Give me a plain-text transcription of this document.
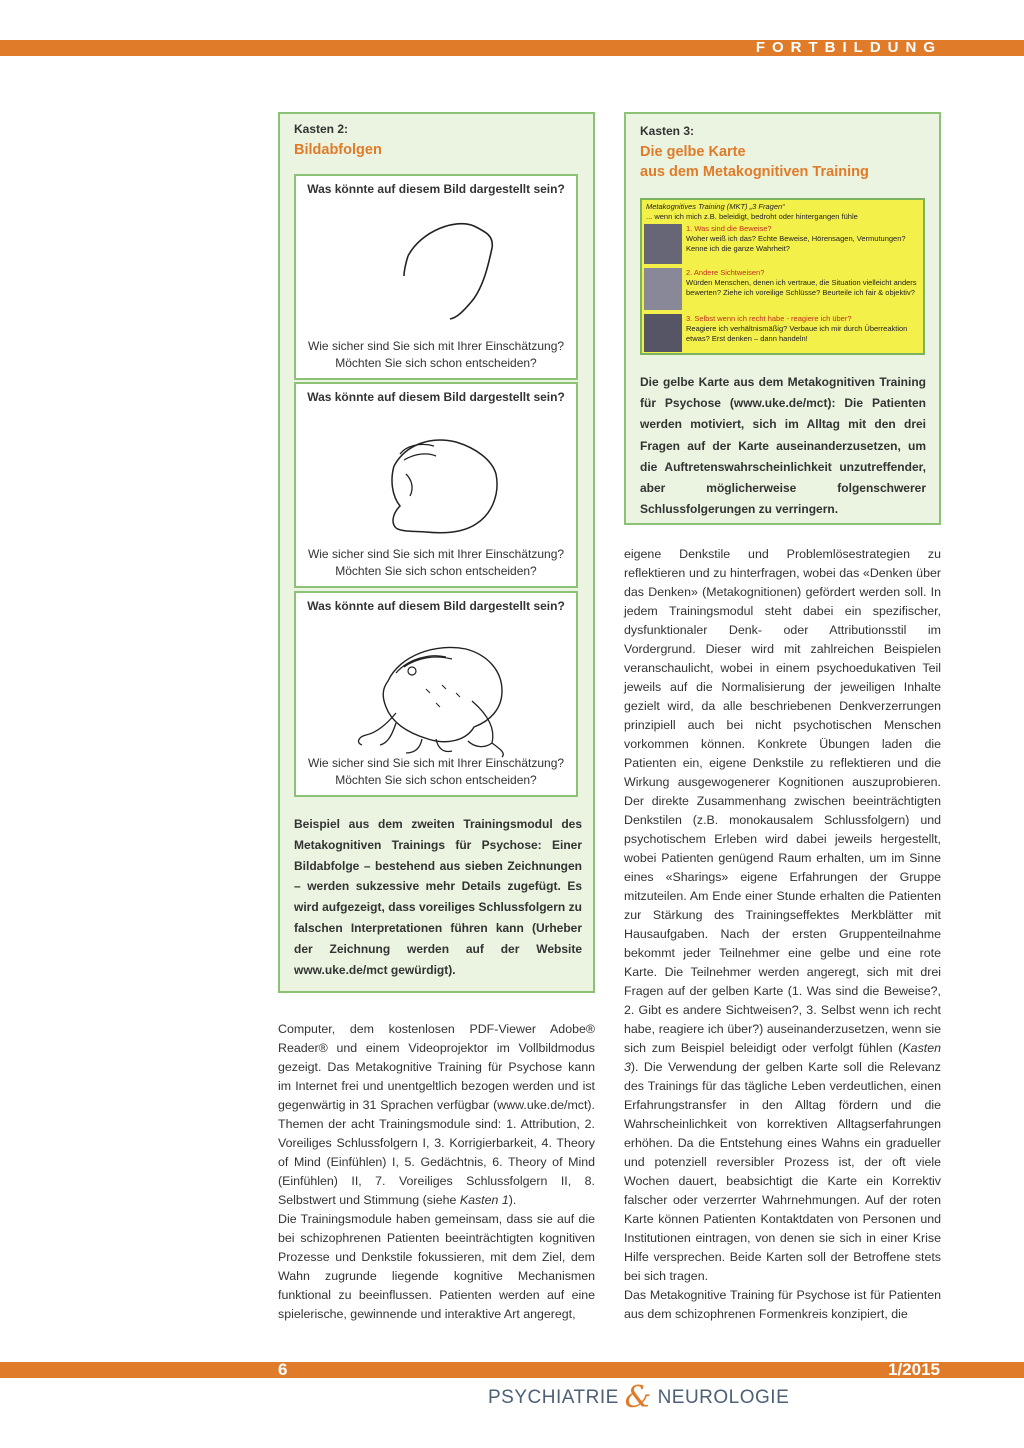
FORTBILDUNG
Kasten 2:
Bildabfolgen
Was könnte auf diesem Bild dargestellt sein?
Wie sicher sind Sie sich mit Ihrer Einschätzung?
Möchten Sie sich schon entscheiden?
Was könnte auf diesem Bild dargestellt sein?
Wie sicher sind Sie sich mit Ihrer Einschätzung?
Möchten Sie sich schon entscheiden?
Was könnte auf diesem Bild dargestellt sein?
Wie sicher sind Sie sich mit Ihrer Einschätzung?
Möchten Sie sich schon entscheiden?
Beispiel aus dem zweiten Trainingsmodul des Metakognitiven Trainings für Psychose: Einer Bildabfolge – bestehend aus sieben Zeichnungen – werden sukzessive mehr Details zugefügt. Es wird aufgezeigt, dass voreiliges Schlussfolgern zu falschen Interpretationen führen kann (Urheber der Zeichnung werden auf der Website www.uke.de/mct gewürdigt).
Kasten 3:
Die gelbe Karte
aus dem Metakognitiven Training
Metakognitives Training (MKT) „3 Fragen“
... wenn ich mich z.B. beleidigt, bedroht oder hintergangen fühle
1. Was sind die Beweise?
Woher weiß ich das? Echte Beweise, Hörensagen, Vermutungen? Kenne ich die ganze Wahrheit?
2. Andere Sichtweisen?
Würden Menschen, denen ich vertraue, die Situation vielleicht anders bewerten? Ziehe ich voreilige Schlüsse? Beurteile ich fair & objektiv?
3. Selbst wenn ich recht habe - reagiere ich über?
Reagiere ich verhältnismäßig? Verbaue ich mir durch Überreaktion etwas? Erst denken – dann handeln!
Die gelbe Karte aus dem Metakognitiven Training für Psychose (www.uke.de/mct): Die Patienten werden motiviert, sich im Alltag mit den drei Fragen auf der Karte auseinanderzusetzen, um die Auftretenswahrscheinlichkeit unzutreffender, aber möglicherweise folgenschwerer Schlussfolgerungen zu verringern.

Computer, dem kostenlosen PDF-Viewer Adobe® Reader® und einem Videoprojektor im Vollbildmodus gezeigt. Das Metakognitive Training für Psychose kann im Internet frei und unentgeltlich bezogen werden und ist gegenwärtig in 31 Sprachen verfügbar (www.uke.de/mct). Themen der acht Trainingsmodule sind: 1. Attribution, 2. Voreiliges Schlussfolgern I, 3. Korrigierbarkeit, 4. Theory of Mind (Einfühlen) I, 5. Gedächtnis, 6. Theory of Mind (Einfühlen) II, 7. Voreiliges Schlussfolgern II, 8. Selbstwert und Stimmung (siehe Kasten 1).

Die Trainingsmodule haben gemeinsam, dass sie auf die bei schizophrenen Patienten beeinträchtigten kognitiven Prozesse und Denkstile fokussieren, mit dem Ziel, dem Wahn zugrunde liegende kognitive Mechanismen funktional zu beeinflussen. Patienten werden auf eine spielerische, gewinnende und interaktive Art angeregt,

eigene Denkstile und Problemlösestrategien zu reflektieren und zu hinterfragen, wobei das «Denken über das Denken» (Metakognitionen) gefördert werden soll. In jedem Trainingsmodul steht dabei ein spezifischer, dysfunktionaler Denk- oder Attributionsstil im Vordergrund. Dieser wird mit zahlreichen Beispielen veranschaulicht, wobei in einem psychoedukativen Teil jeweils auf die Normalisierung der jeweiligen Inhalte gezielt wird, da alle beschriebenen Denkverzerrungen prinzipiell auch bei nicht psychotischen Menschen vorkommen können. Konkrete Übungen laden die Patienten ein, eigene Denkstile zu reflektieren und die Wirkung ausgewogenerer Kognitionen auszuprobieren. Der direkte Zusammenhang zwischen beeinträchtigten Denkstilen (z.B. monokausalem Schlussfolgern) und psychotischem Erleben wird dabei jeweils hergestellt, wobei Patienten genügend Raum erhalten, um im Sinne eines «Sharings» eigene Erfahrungen der Gruppe mitzuteilen. Am Ende einer Stunde erhalten die Patienten zur Stärkung des Trainingseffektes Merkblätter mit Hausaufgaben. Nach der ersten Gruppenteilnahme bekommt jeder Teilnehmer eine gelbe und eine rote Karte. Die Teilnehmer werden angeregt, sich mit drei Fragen auf der gelben Karte (1. Was sind die Beweise?, 2. Gibt es andere Sichtweisen?, 3. Selbst wenn ich recht habe, reagiere ich über?) auseinanderzusetzen, wenn sie sich zum Beispiel beleidigt oder verfolgt fühlen (Kasten 3). Die Verwendung der gelben Karte soll die Relevanz des Trainings für das tägliche Leben verdeutlichen, einen Erfahrungstransfer in den Alltag fördern und die Wahrscheinlichkeit von korrektiven Alltagserfahrungen erhöhen. Da die Entstehung eines Wahns ein gradueller und potenziell reversibler Prozess ist, der oft viele Wochen dauert, beabsichtigt die Karte ein Korrektiv falscher oder verzerrter Wahrnehmungen. Auf der roten Karte können Patienten Kontaktdaten von Personen und Institutionen eintragen, von denen sie sich in einer Krise Hilfe versprechen. Beide Karten soll der Betroffene stets bei sich tragen.

Das Metakognitive Training für Psychose ist für Patienten aus dem schizophrenen Formenkreis konzipiert, die

6	1/2015
PSYCHIATRIE & NEUROLOGIE
